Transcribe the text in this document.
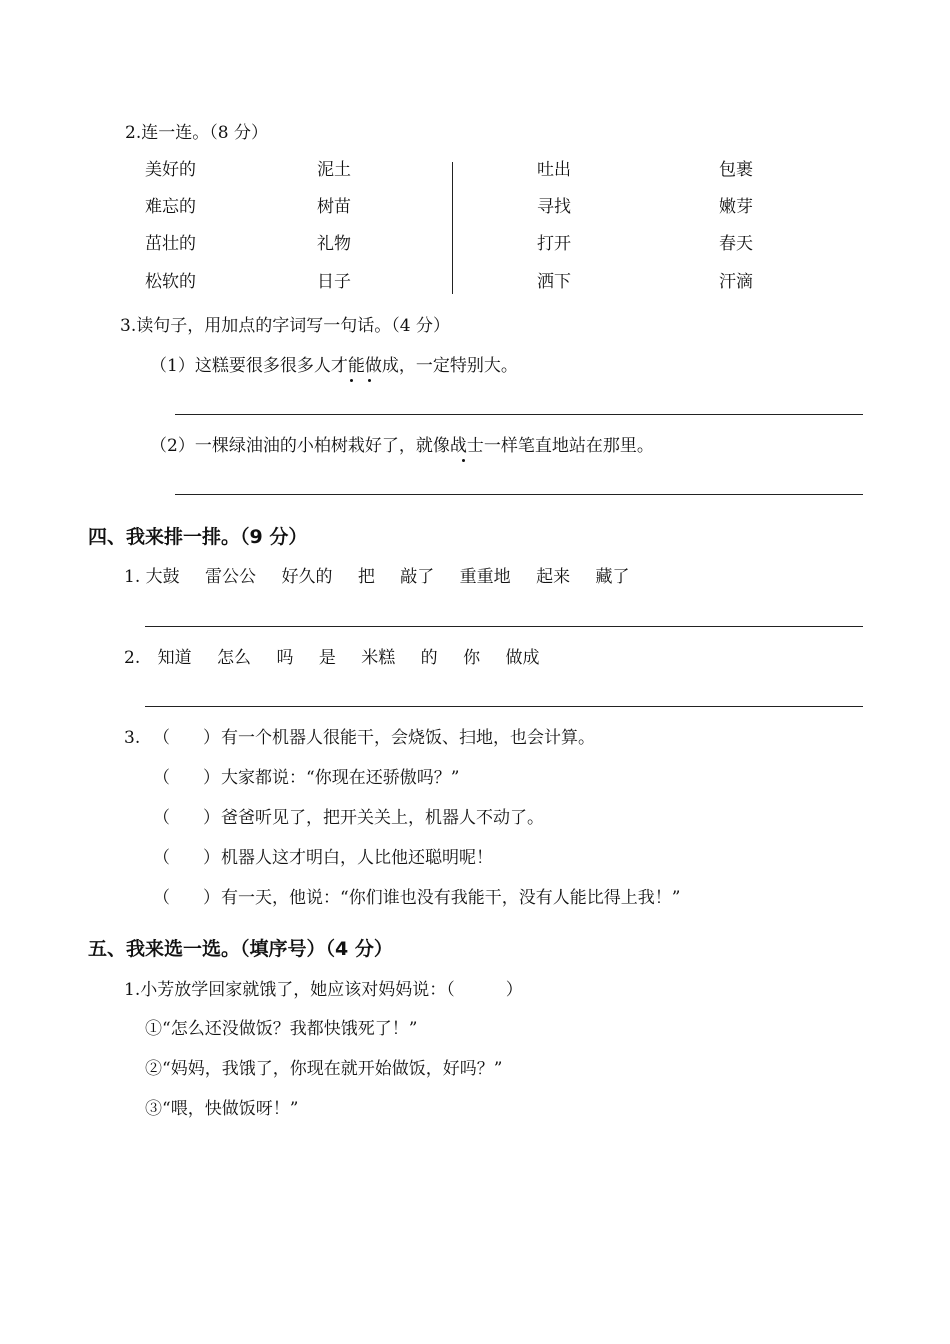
2.连一连。（8 分）
美好的
难忘的
茁壮的
松软的
泥土
树苗
礼物
日子
吐出
寻找
打开
洒下
包裹
嫩芽
春天
汗滴
3.读句子，用加点的字词写一句话。（4 分）
（1）这糕要很多很多人才能做成，一定特别大。
（2）一棵绿油油的小柏树栽好了，就像战士一样笔直地站在那里。
四、我来排一排。（9 分）
1. 大鼓 雷公公 好久的 把 敲了 重重地 起来 藏了
2. 知道 怎么 吗 是 米糕 的 你 做成
3. （ ） 有一个机器人很能干，会烧饭、扫地，也会计算。
（ ） 大家都说：“你现在还骄傲吗？”
（ ） 爸爸听见了，把开关关上，机器人不动了。
（ ） 机器人这才明白，人比他还聪明呢！
（ ） 有一天，他说：“你们谁也没有我能干，没有人能比得上我！”
五、我来选一选。（填序号）（4 分）
1.小芳放学回家就饿了，她应该对妈妈说：（　　　）
①“怎么还没做饭？我都快饿死了！”
②“妈妈，我饿了，你现在就开始做饭，好吗？”
③“喂，快做饭呀！”
